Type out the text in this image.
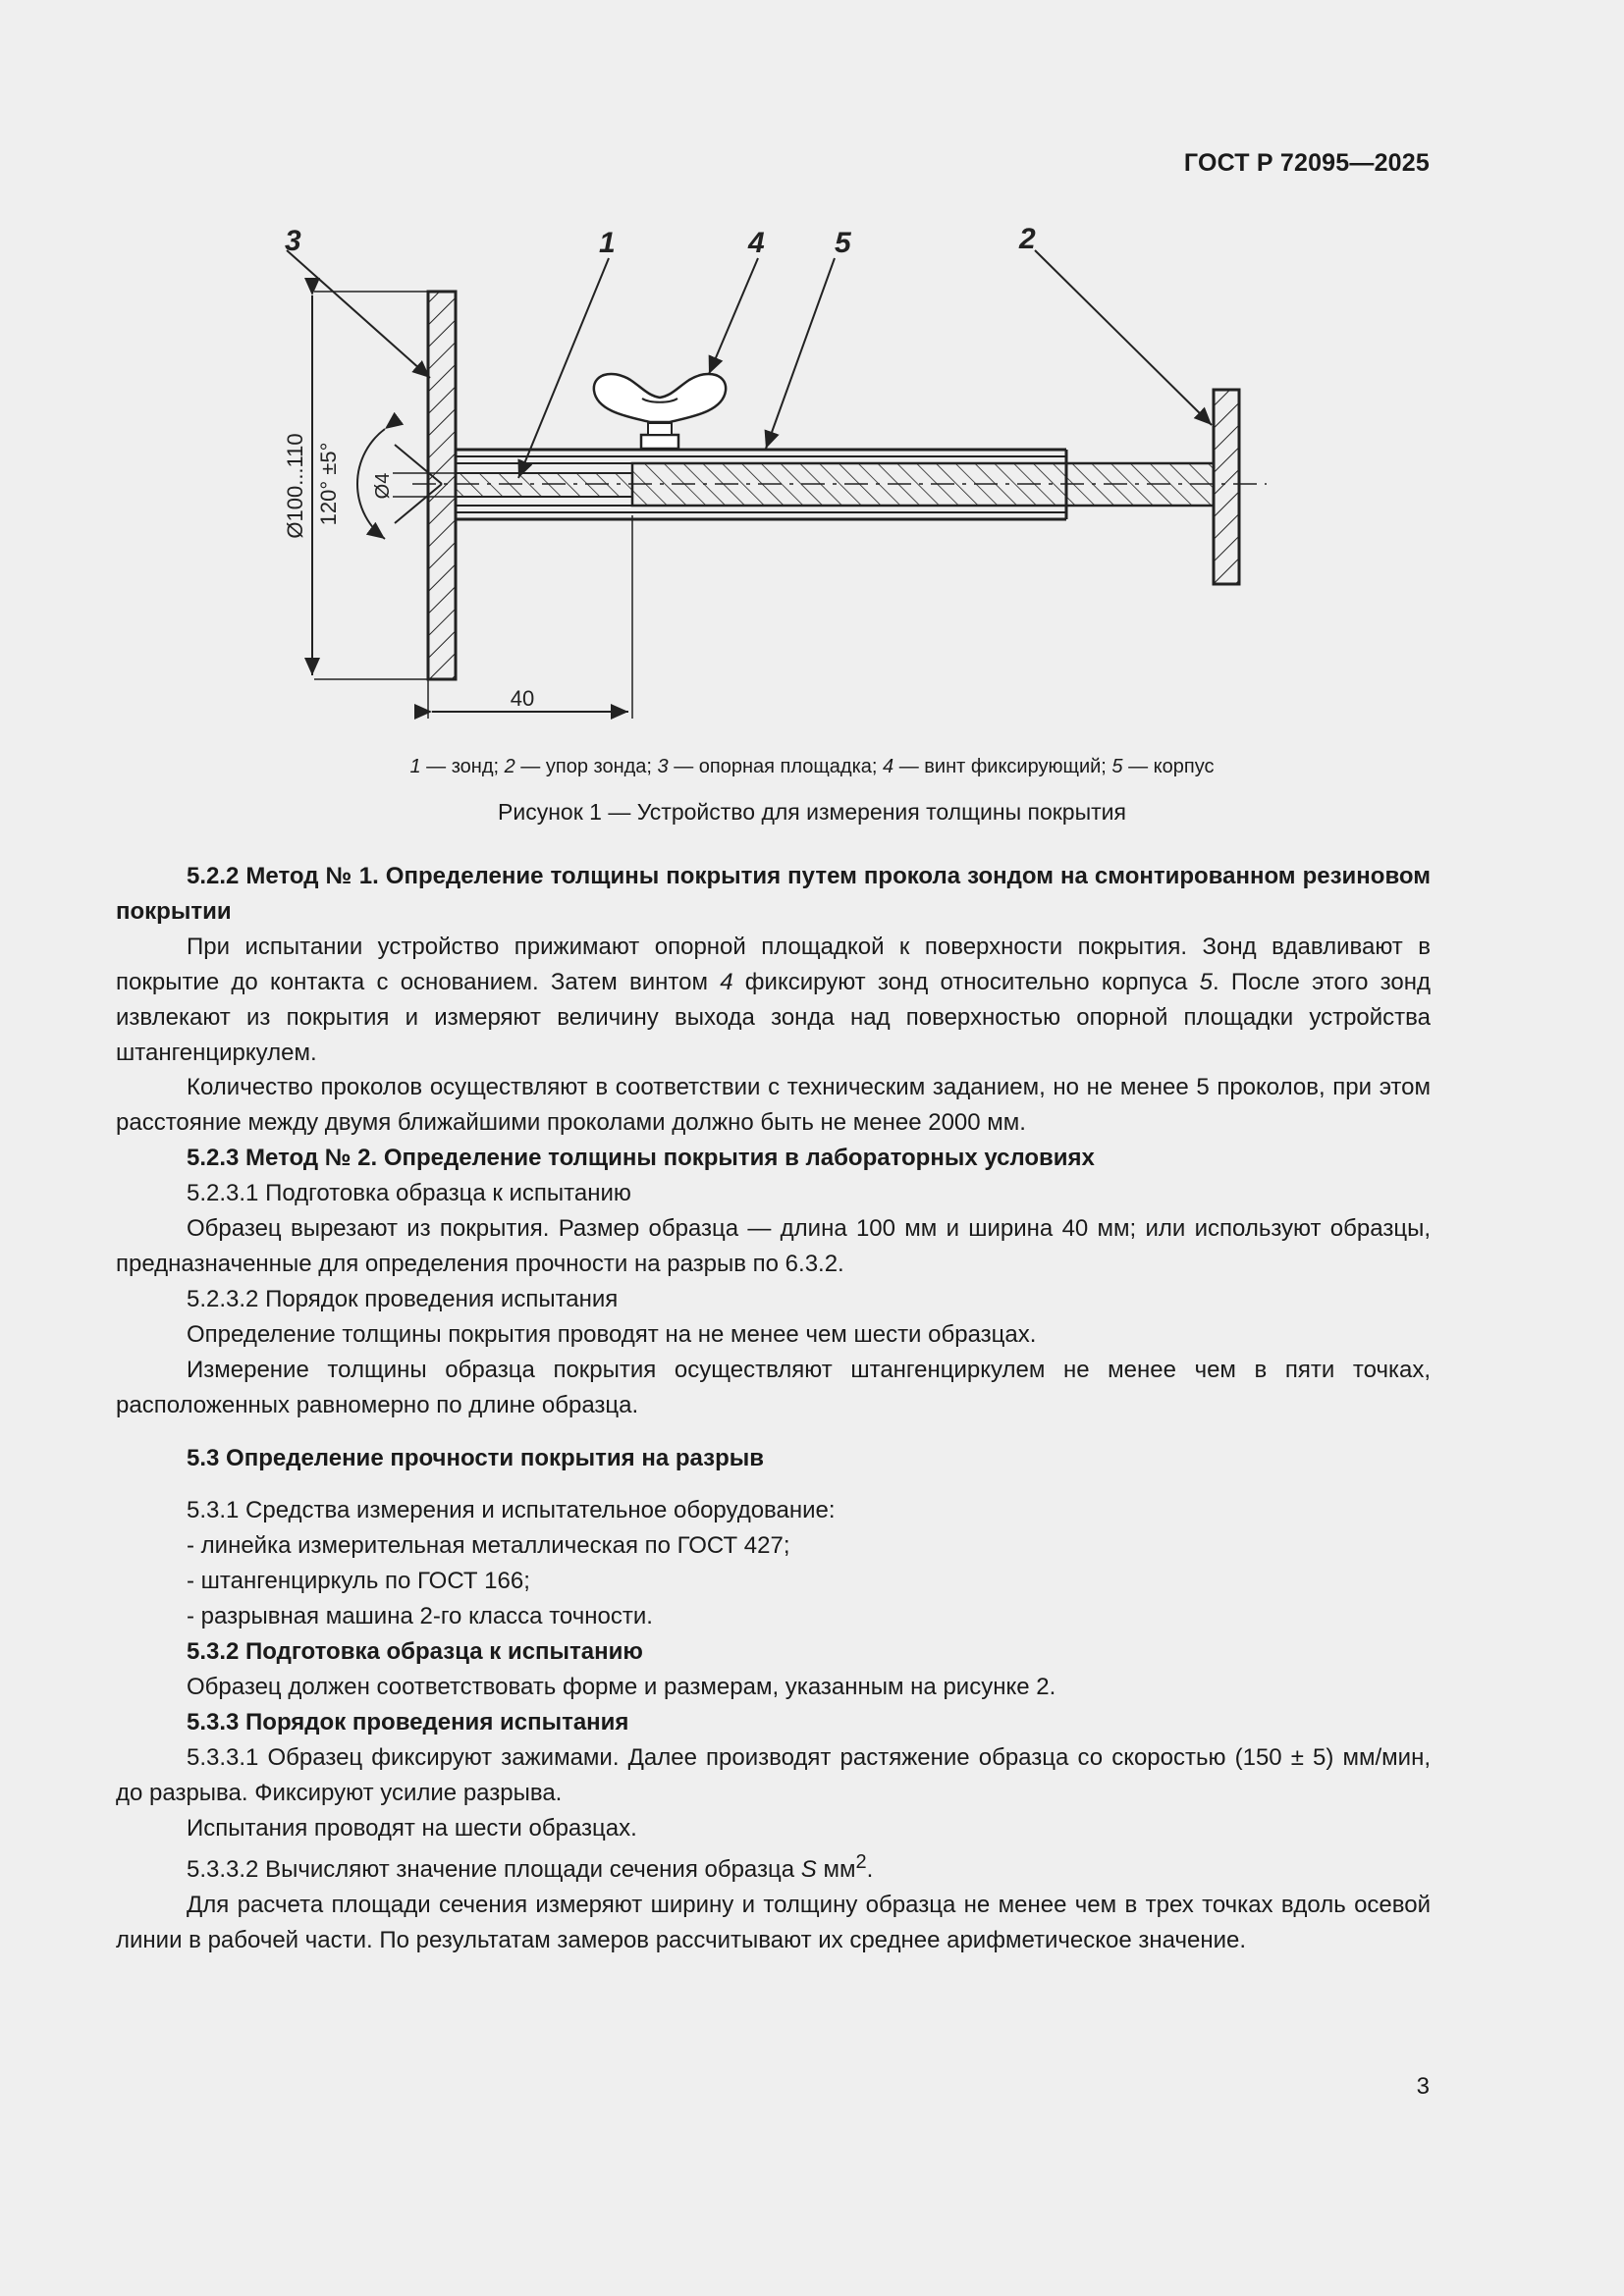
ГОСТ Р 72095—2025
3	1	4 5	2
40
Ø100...110 120° ±5° Ø4
1 — зонд; 2 — упор зонда; 3 — опорная площадка; 4 — винт фиксирующий; 5 — корпус
Рисунок 1 — Устройство для измерения толщины покрытия

5.2.2 Метод № 1. Определение толщины покрытия путем прокола зондом на смонтированном резиновом покрытии

При испытании устройство прижимают опорной площадкой к поверхности покрытия. Зонд вдавливают в покрытие до контакта с основанием. Затем винтом 4 фиксируют зонд относительно корпуса 5. После этого зонд извлекают из покрытия и измеряют величину выхода зонда над поверхностью опорной площадки устройства штангенциркулем.

Количество проколов осуществляют в соответствии с техническим заданием, но не менее 5 проколов, при этом расстояние между двумя ближайшими проколами должно быть не менее 2000 мм.

5.2.3 Метод № 2. Определение толщины покрытия в лабораторных условиях

5.2.3.1 Подготовка образца к испытанию

Образец вырезают из покрытия. Размер образца — длина 100 мм и ширина 40 мм; или используют образцы, предназначенные для определения прочности на разрыв по 6.3.2.

5.2.3.2 Порядок проведения испытания

Определение толщины покрытия проводят на не менее чем шести образцах.

Измерение толщины образца покрытия осуществляют штангенциркулем не менее чем в пяти точках, расположенных равномерно по длине образца.

5.3 Определение прочности покрытия на разрыв

5.3.1 Средства измерения и испытательное оборудование:

- линейка измерительная металлическая по ГОСТ 427;

- штангенциркуль по ГОСТ 166;

- разрывная машина 2-го класса точности.

5.3.2 Подготовка образца к испытанию

Образец должен соответствовать форме и размерам, указанным на рисунке 2.

5.3.3 Порядок проведения испытания

5.3.3.1 Образец фиксируют зажимами. Далее производят растяжение образца со скоростью (150 ± 5) мм/мин, до разрыва. Фиксируют усилие разрыва.

Испытания проводят на шести образцах.

5.3.3.2 Вычисляют значение площади сечения образца S $мм^2$.

Для расчета площади сечения измеряют ширину и толщину образца не менее чем в трех точках вдоль осевой линии в рабочей части. По результатам замеров рассчитывают их среднее арифметическое значение.

3
